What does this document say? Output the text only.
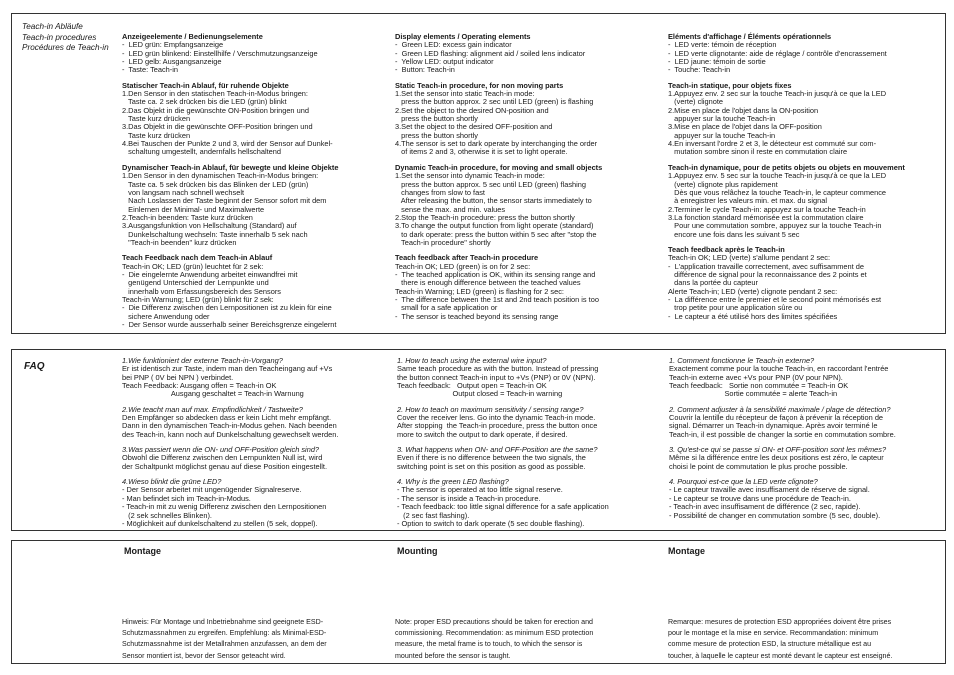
Teach-in Abläufe
Teach-in procedures
Procédures de Teach-in

Anzeigeelemente / Bedienungselemente

-  LED grün: Empfangsanzeige

-  LED grün blinkend: Einstellhilfe / Verschmutzungsanzeige

-  LED gelb: Ausgangsanzeige

-  Taste: Teach-in

Statischer Teach-in Ablauf, für ruhende Objekte

1.Den Sensor in den statischen Teach-in-Modus bringen:

Taste ca. 2 sek drücken bis die LED (grün) blinkt

2.Das Objekt in die gewünschte ON-Position bringen und

Taste kurz drücken

3.Das Objekt in die gewünschte OFF-Position bringen und

Taste kurz drücken

4.Bei Tauschen der Punkte 2 und 3, wird der Sensor auf Dunkel-

schaltung umgestellt, andernfalls hellschaltend

Dynamischer Teach-in Ablauf, für bewegte und kleine Objekte

1.Den Sensor in den dynamischen Teach-in-Modus bringen:

Taste ca. 5 sek drücken bis das Blinken der LED (grün)

von langsam nach schnell wechselt

Nach Loslassen der Taste beginnt der Sensor sofort mit dem

Einlernen der Minimal- und Maximalwerte

2.Teach-in beenden: Taste kurz drücken

3.Ausgangsfunktion von Hellschaltung (Standard) auf

Dunkelschaltung wechseln: Taste innerhalb 5 sek nach

"Teach-in beenden" kurz drücken

Teach Feedback nach dem Teach-in Ablauf

Teach-in OK; LED (grün) leuchtet für 2 sek:

-  Die eingelernte Anwendung arbeitet einwandfrei mit

genügend Unterschied der Lernpunkte und

innerhalb vom Erfassungsbereich des Sensors

Teach-in Warnung; LED (grün) blinkt für 2 sek:

-  Die Differenz zwischen den Lernpositionen ist zu klein für eine

sichere Anwendung oder

-  Der Sensor wurde ausserhalb seiner Bereichsgrenze eingelernt

Display elements / Operating elements

-  Green LED: excess gain indicator

-  Green LED flashing: alignment aid / soiled lens indicator

-  Yellow LED: output indicator

-  Button: Teach-in

Static Teach-in procedure, for non moving parts

1.Set the sensor into static Teach-in mode:

press the button approx. 2 sec until LED (green) is flashing

2.Set the object to the desired ON-position and

press the button shortly

3.Set the object to the desired OFF-position and

press the button shortly

4.The sensor is set to dark operate by interchanging the order

of items 2 and 3, otherwise it is set to light operate.

Dynamic Teach-in procedure, for moving and small objects

1.Set the sensor into dynamic Teach-in mode:

press the button approx. 5 sec until LED (green) flashing

changes from slow to fast

After releasing the button, the sensor starts immediately to

sense the max. and min. values

2.Stop the Teach-in procedure: press the button shortly

3.To change the output function from light operate (standard)

to dark operate: press the button within 5 sec after "stop the

Teach-in procedure" shortly

Teach feedback after Teach-in procedure

Teach-in OK; LED (green) is on for 2 sec:

-  The teached application is OK, within its sensing range and

there is enough difference between the teached values

Teach-in Warning; LED (green) is flashing for 2 sec:

-  The difference between the 1st and 2nd teach position is too

small for a safe application or

-  The sensor is teached beyond its sensing range

Eléments d'affichage / Éléments opérationnels

-  LED verte: témoin de réception

-  LED verte clignotante: aide de réglage / contrôle d'encrassement

-  LED jaune: témoin de sortie

-  Touche: Teach-in

Teach-in statique, pour objets fixes

1.Appuyez env. 2 sec sur la touche Teach-in jusqu'à ce que la LED

(verte) clignote

2.Mise en place de l'objet dans la ON-position

appuyer sur la touche Teach-in

3.Mise en place de l'objet dans la OFF-position

appuyer sur la touche Teach-in

4.En inversant l'ordre 2 et 3, le détecteur est commuté sur com-

mutation sombre sinon il reste en commutation claire

Teach-in dynamique, pour de petits objets ou objets en mouvement

1.Appuyez env. 5 sec sur la touche Teach-in jusqu'à ce que la LED

(verte) clignote plus rapidement

Dès que vous relâchez la touche Teach-in, le capteur commence

à enregistrer les valeurs min. et max. du signal

2.Terminer le cycle Teach-in: appuyez sur la touche Teach-in

3.La fonction standard mémorisée est la commutation claire

Pour une commutation sombre, appuyez sur la touche Teach-in

encore une fois dans les suivant 5 sec

Teach feedback après le Teach-in

Teach-in OK; LED (verte) s'allume pendant 2 sec:

-  L'application travaille correctement, avec suffisamment de

différence de signal pour la reconnaissance des 2 points et

dans la portée du capteur

Alerte Teach-in; LED (verte) clignote pendant 2 sec:

-  La différence entre le premier et le second point mémorisés est

trop petite pour une application sûre ou

-  Le capteur a été utilisé hors des limites spécifiées

FAQ

1.Wie funktioniert der externe Teach-in-Vorgang?

Er ist identisch zur Taste, indem man den Teacheingang auf +Vs

bei PNP ( 0V bei NPN ) verbindet.

Teach Feedback: Ausgang offen = Teach-in OK

Ausgang geschaltet = Teach-in Warnung

2.Wie teacht man auf max. Empfindlichkeit / Tastweite?

Den Empfänger so abdecken dass er kein Licht mehr empfängt.

Dann in den dynamischen Teach-in-Modus gehen. Nach beenden

des Teach-in, kann noch auf Dunkelschaltung gewechselt werden.

3.Was passiert wenn die ON- und OFF-Position gleich sind?

Obwohl die Differenz zwischen den Lernpunkten Null ist, wird

der Schaltpunkt möglichst genau auf diese Position eingestellt.

4.Wieso blinkt die grüne LED?

- Der Sensor arbeitet mit ungenügender Signalreserve.

- Man befindet sich im Teach-in-Modus.

- Teach-in mit zu wenig Differenz zwischen den Lernpositionen

(2 sek schnelles Blinken).

- Möglichkeit auf dunkelschaltend zu stellen (5 sek, doppel).

1. How to teach using the external wire input?

Same teach procedure as with the button. Instead of pressing

the button connect Teach-in input to +Vs (PNP) or 0V (NPN).

Teach feedback:   Output open = Teach-in OK

Output closed = Teach-in warning

2. How to teach on maximum sensitivity / sensing range?

Cover the receiver lens. Go into the dynamic Teach-in mode.

After stopping  the Teach-in procedure, press the button once

more to switch the output to dark operate, if desired.

3. What happens when ON- and OFF-Position are the same?

Even if there is no difference between the two signals, the

switching point is set on this position as good as possible.

4. Why is the green LED flashing?

- The sensor is operated at too little signal reserve.

- The sensor is inside a Teach-in procedure.

- Teach feedback: too little signal difference for a safe application

(2 sec fast flashing).

- Option to switch to dark operate (5 sec double flashing).

1. Comment fonctionne le Teach-in externe?

Exactement comme pour la touche Teach-in, en raccordant l'entrée

Teach-in externe avec +Vs pour PNP (0V pour NPN).

Teach feedback:   Sortie non commutée = Teach-in OK

Sortie commutée = alerte Teach-in

2. Comment adjuster à la sensibilité maximale / plage de détection?

Couvrir la lentille du récepteur de façon à prévenir la réception de

signal. Démarrer un Teach-in dynamique. Après avoir terminé le

Teach-in, il est possible de changer la sortie en commutation sombre.

3. Qu'est-ce qui se passe si ON- et OFF-position sont les mêmes?

Même si la différence entre les deux positions est zéro, le capteur

choisi le point de commutation le plus proche possible.

4. Pourquoi est-ce que la LED verte clignote?

- Le capteur travaille avec insuffisament de réserve de signal.

- Le capteur se trouve dans une procédure de Teach-in.

- Teach-in avec insuffisament de différence (2 sec, rapide).

- Possibilité de changer en commutation sombre (5 sec, double).

Montage	Mounting	Montage

Hinweis: Für Montage und Inbetriebnahme sind geeignete ESD-

Schutzmassnahmen zu ergreifen. Empfehlung: als Minimal-ESD-

Schutzmassnahme ist der Metallrahmen anzufassen, an dem der

Sensor montiert ist, bevor der Sensor geteacht wird.

Note: proper ESD precautions should be taken for erection and

commissioning. Recommendation: as minimum ESD protection

measure, the metal frame is to touch, to which the sensor is

mounted before the sensor is taught.

Remarque: mesures de protection ESD appropriées doivent être prises

pour le montage et la mise en service. Recommandation: minimum

comme mesure de protection ESD, la structure métallique est au

toucher, à laquelle le capteur est monté devant le capteur est enseigné.
